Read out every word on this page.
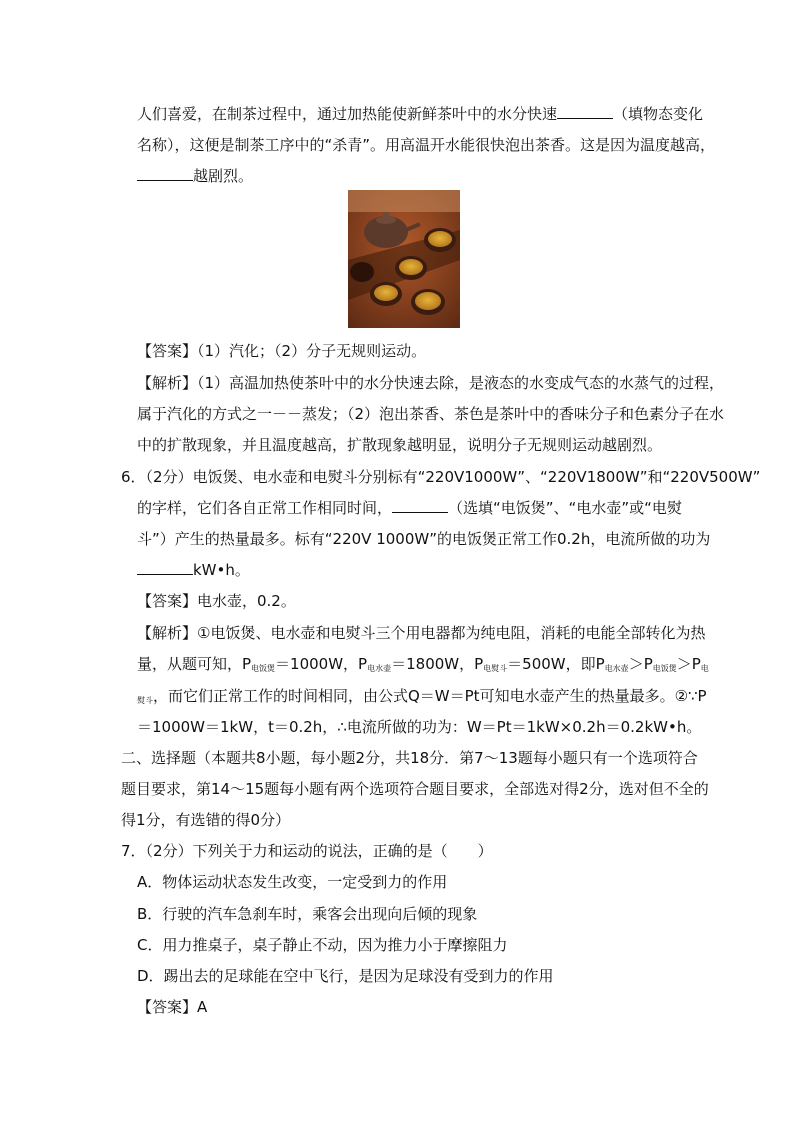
人们喜爱，在制茶过程中，通过加热能使新鲜茶叶中的水分快速	（填物态变化
名称），这便是制茶工序中的“杀青”。用高温开水能很快泡出茶香。这是因为温度越高，
越剧烈。
【答案】（1）汽化；（2）分子无规则运动。
【解析】（1）高温加热使茶叶中的水分快速去除，是液态的水变成气态的水蒸气的过程，
属于汽化的方式之一－－蒸发；（2）泡出茶香、茶色是茶叶中的香味分子和色素分子在水
中的扩散现象，并且温度越高，扩散现象越明显，说明分子无规则运动越剧烈。
6．（2分）电饭煲、电水壶和电熨斗分别标有“220V1000W”、“220V1800W”和“220V500W”
的字样，它们各自正常工作相同时间，	（选填“电饭煲”、“电水壶”或“电熨
斗”）产生的热量最多。标有“220V 1000W”的电饭煲正常工作0.2h，电流所做的功为
kW•h。
【答案】电水壶，0.2。
【解析】①电饭煲、电水壶和电熨斗三个用电器都为纯电阻，消耗的电能全部转化为热
量，从题可知，$P_{电饭煲}=1000W$，$P_{电水壶}=1800W$，$P_{电熨斗}=500W$，即$P_{电水壶}>P_{电饭煲}>P_电$
$_{熨斗}$，而它们正常工作的时间相同，由公式Q＝W＝Pt可知电水壶产生的热量最多。②∵P
＝1000W＝1kW，t＝0.2h，∴电流所做的功为：W＝Pt＝1kW×0.2h＝0.2kW•h。
二、选择题（本题共8小题，每小题2分，共18分．第7～13题每小题只有一个选项符合
题目要求，第14～15题每小题有两个选项符合题目要求，全部选对得2分，选对但不全的
得1分，有选错的得0分）
7．（2分）下列关于力和运动的说法，正确的是（　　）
A．物体运动状态发生改变，一定受到力的作用
B．行驶的汽车急刹车时，乘客会出现向后倾的现象
C．用力推桌子，桌子静止不动，因为推力小于摩擦阻力
D．踢出去的足球能在空中飞行，是因为足球没有受到力的作用
【答案】A
